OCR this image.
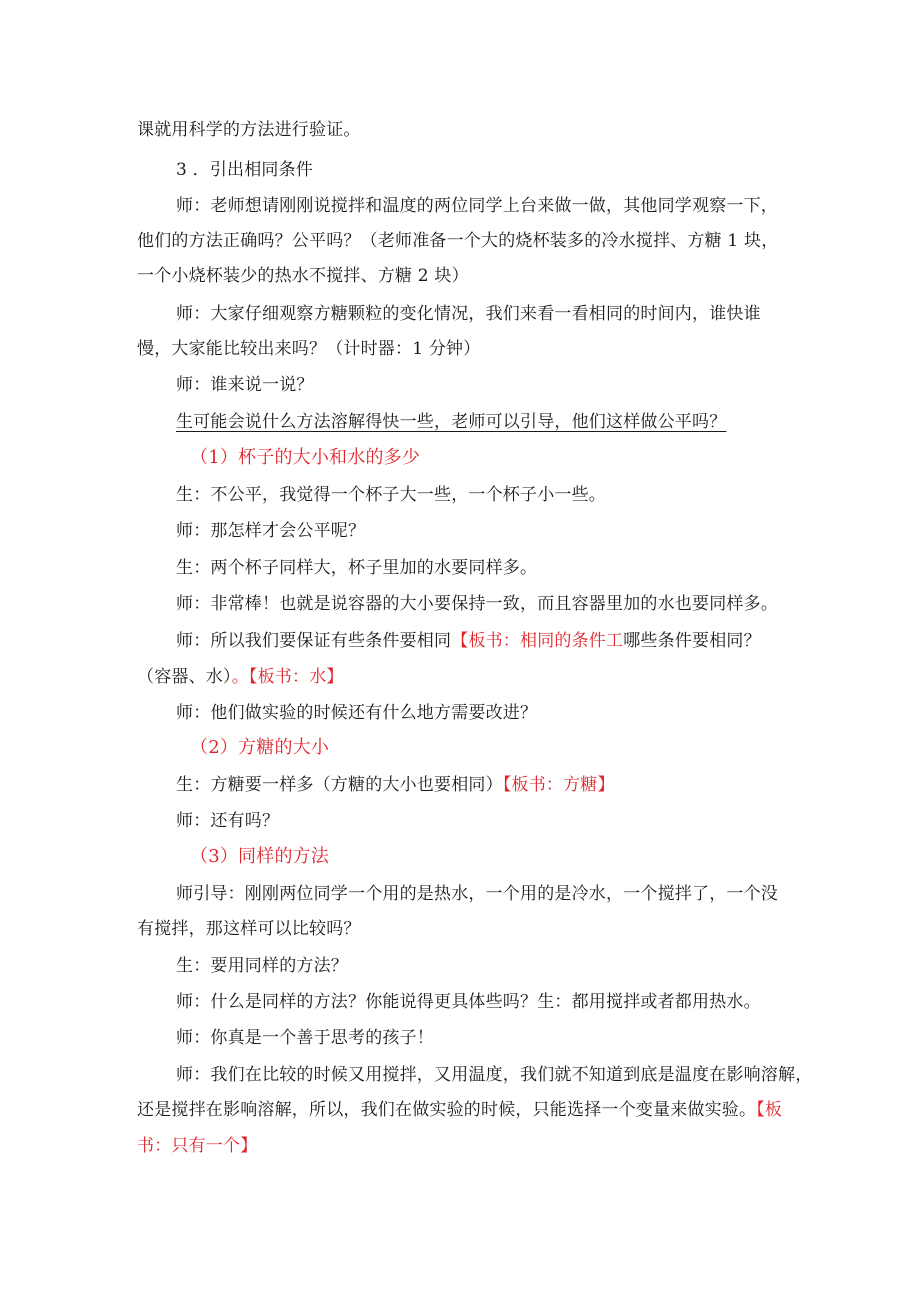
课就用科学的方法进行验证。
3 ．引出相同条件
师：老师想请刚刚说搅拌和温度的两位同学上台来做一做，其他同学观察一下，
他们的方法正确吗？公平吗？（老师准备一个大的烧杯装多的冷水搅拌、方糖 1 块，
一个小烧杯装少的热水不搅拌、方糖 2 块）
师：大家仔细观察方糖颗粒的变化情况，我们来看一看相同的时间内，谁快谁
慢，大家能比较出来吗？（计时器：1 分钟）
师：谁来说一说？
生可能会说什么方法溶解得快一些，老师可以引导，他们这样做公平吗？
（1）杯子的大小和水的多少
生：不公平，我觉得一个杯子大一些，一个杯子小一些。
师：那怎样才会公平呢？
生：两个杯子同样大，杯子里加的水要同样多。
师：非常棒！也就是说容器的大小要保持一致，而且容器里加的水也要同样多。
师：所以我们要保证有些条件要相同【板书：相同的条件工哪些条件要相同？
（容器、水）。【板书：水】
师：他们做实验的时候还有什么地方需要改进？
（2）方糖的大小
生：方糖要一样多（方糖的大小也要相同）【板书：方糖】
师：还有吗？
（3）同样的方法
师引导：刚刚两位同学一个用的是热水，一个用的是冷水，一个搅拌了，一个没
有搅拌，那这样可以比较吗？
生：要用同样的方法？
师：什么是同样的方法？你能说得更具体些吗？生：都用搅拌或者都用热水。
师：你真是一个善于思考的孩子！
师：我们在比较的时候又用搅拌，又用温度，我们就不知道到底是温度在影响溶解，
还是搅拌在影响溶解，所以，我们在做实验的时候，只能选择一个变量来做实验。【板
书：只有一个】
